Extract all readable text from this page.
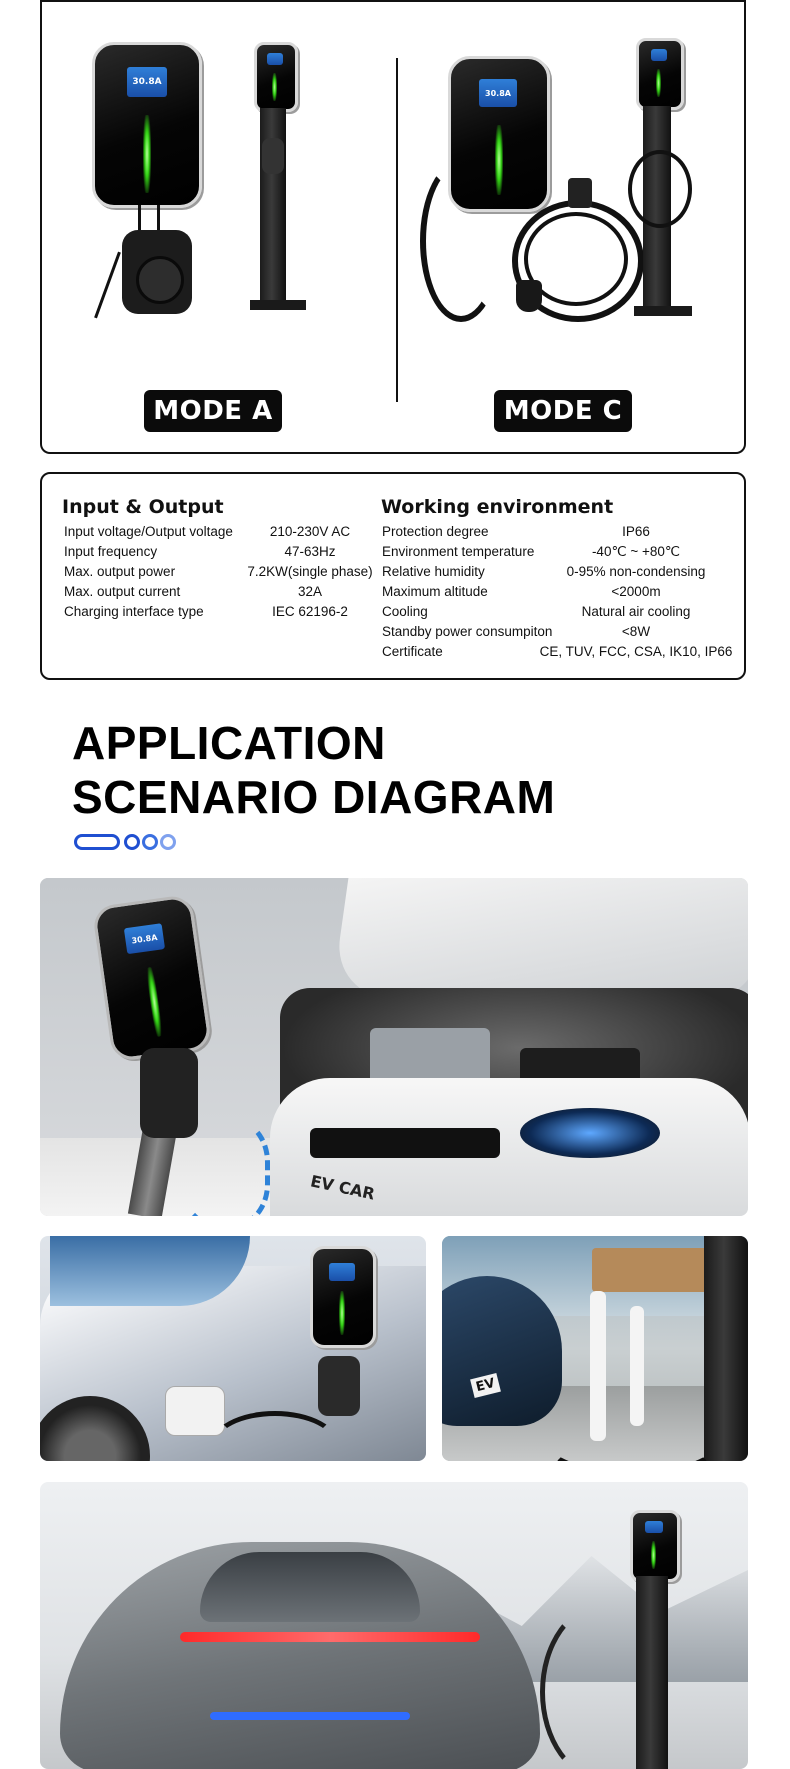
30.8A
30.8A
MODE A	MODE C
Input & Output	Working environment
Input voltage/Output voltage	210-230V AC
Input frequency	47-63Hz
Max. output power	7.2KW(single phase)
Max. output current	32A
Charging interface type	IEC 62196-2
Protection degree	IP66
Environment temperature	-40℃ ~ +80℃
Relative humidity	0-95% non-condensing
Maximum altitude	<2000m
Cooling	Natural air cooling
Standby power consumpiton	<8W
Certificate	CE, TUV, FCC, CSA, IK10, IP66
APPLICATION
SCENARIO DIAGRAM
EV CAR
30.8A
EV
